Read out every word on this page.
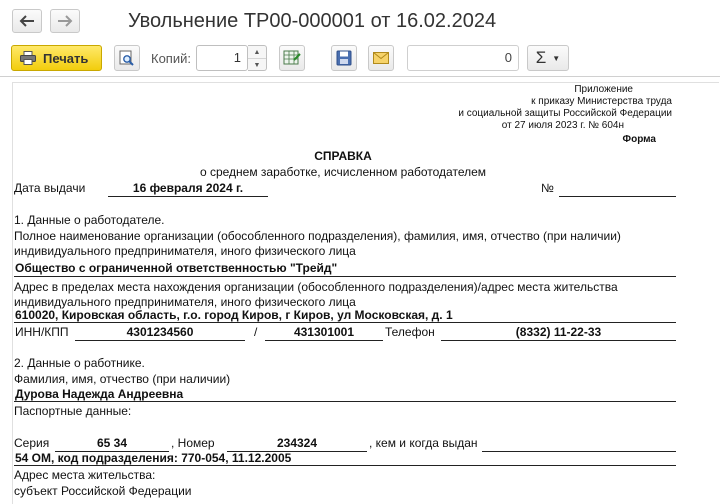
Увольнение ТР00-000001 от 16.02.2024
Печать	Копий:	1	▲
▼	0	Σ ▼
Приложение
к приказу Министерства труда
и социальной защиты Российской Федерации
от 27 июля 2023 г. № 604н
Форма
СПРАВКА
о среднем заработке, исчисленном работодателем
Дата выдачи	16 февраля 2024 г.	№
1. Данные о работодателе.
Полное наименование организации (обособленного подразделения), фамилия, имя, отчество (при наличии)
индивидуального предпринимателя, иного физического лица
Общество с ограниченной ответственностью "Трейд"
Адрес в пределах места нахождения организации (обособленного подразделения)/адрес места жительства
индивидуального предпринимателя, иного физического лица
610020, Кировская область, г.о. город Киров, г Киров, ул Московская, д. 1
ИНН/КПП	4301234560	/	431301001	Телефон	(8332) 11-22-33
2. Данные о работнике.
Фамилия, имя, отчество (при наличии)
Дурова Надежда Андреевна
Паспортные данные:
Серия	65 34	, Номер	234324	, кем и когда выдан
54 ОМ, код подразделения: 770-054, 11.12.2005
Адрес места жительства:
субъект Российской Федерации
